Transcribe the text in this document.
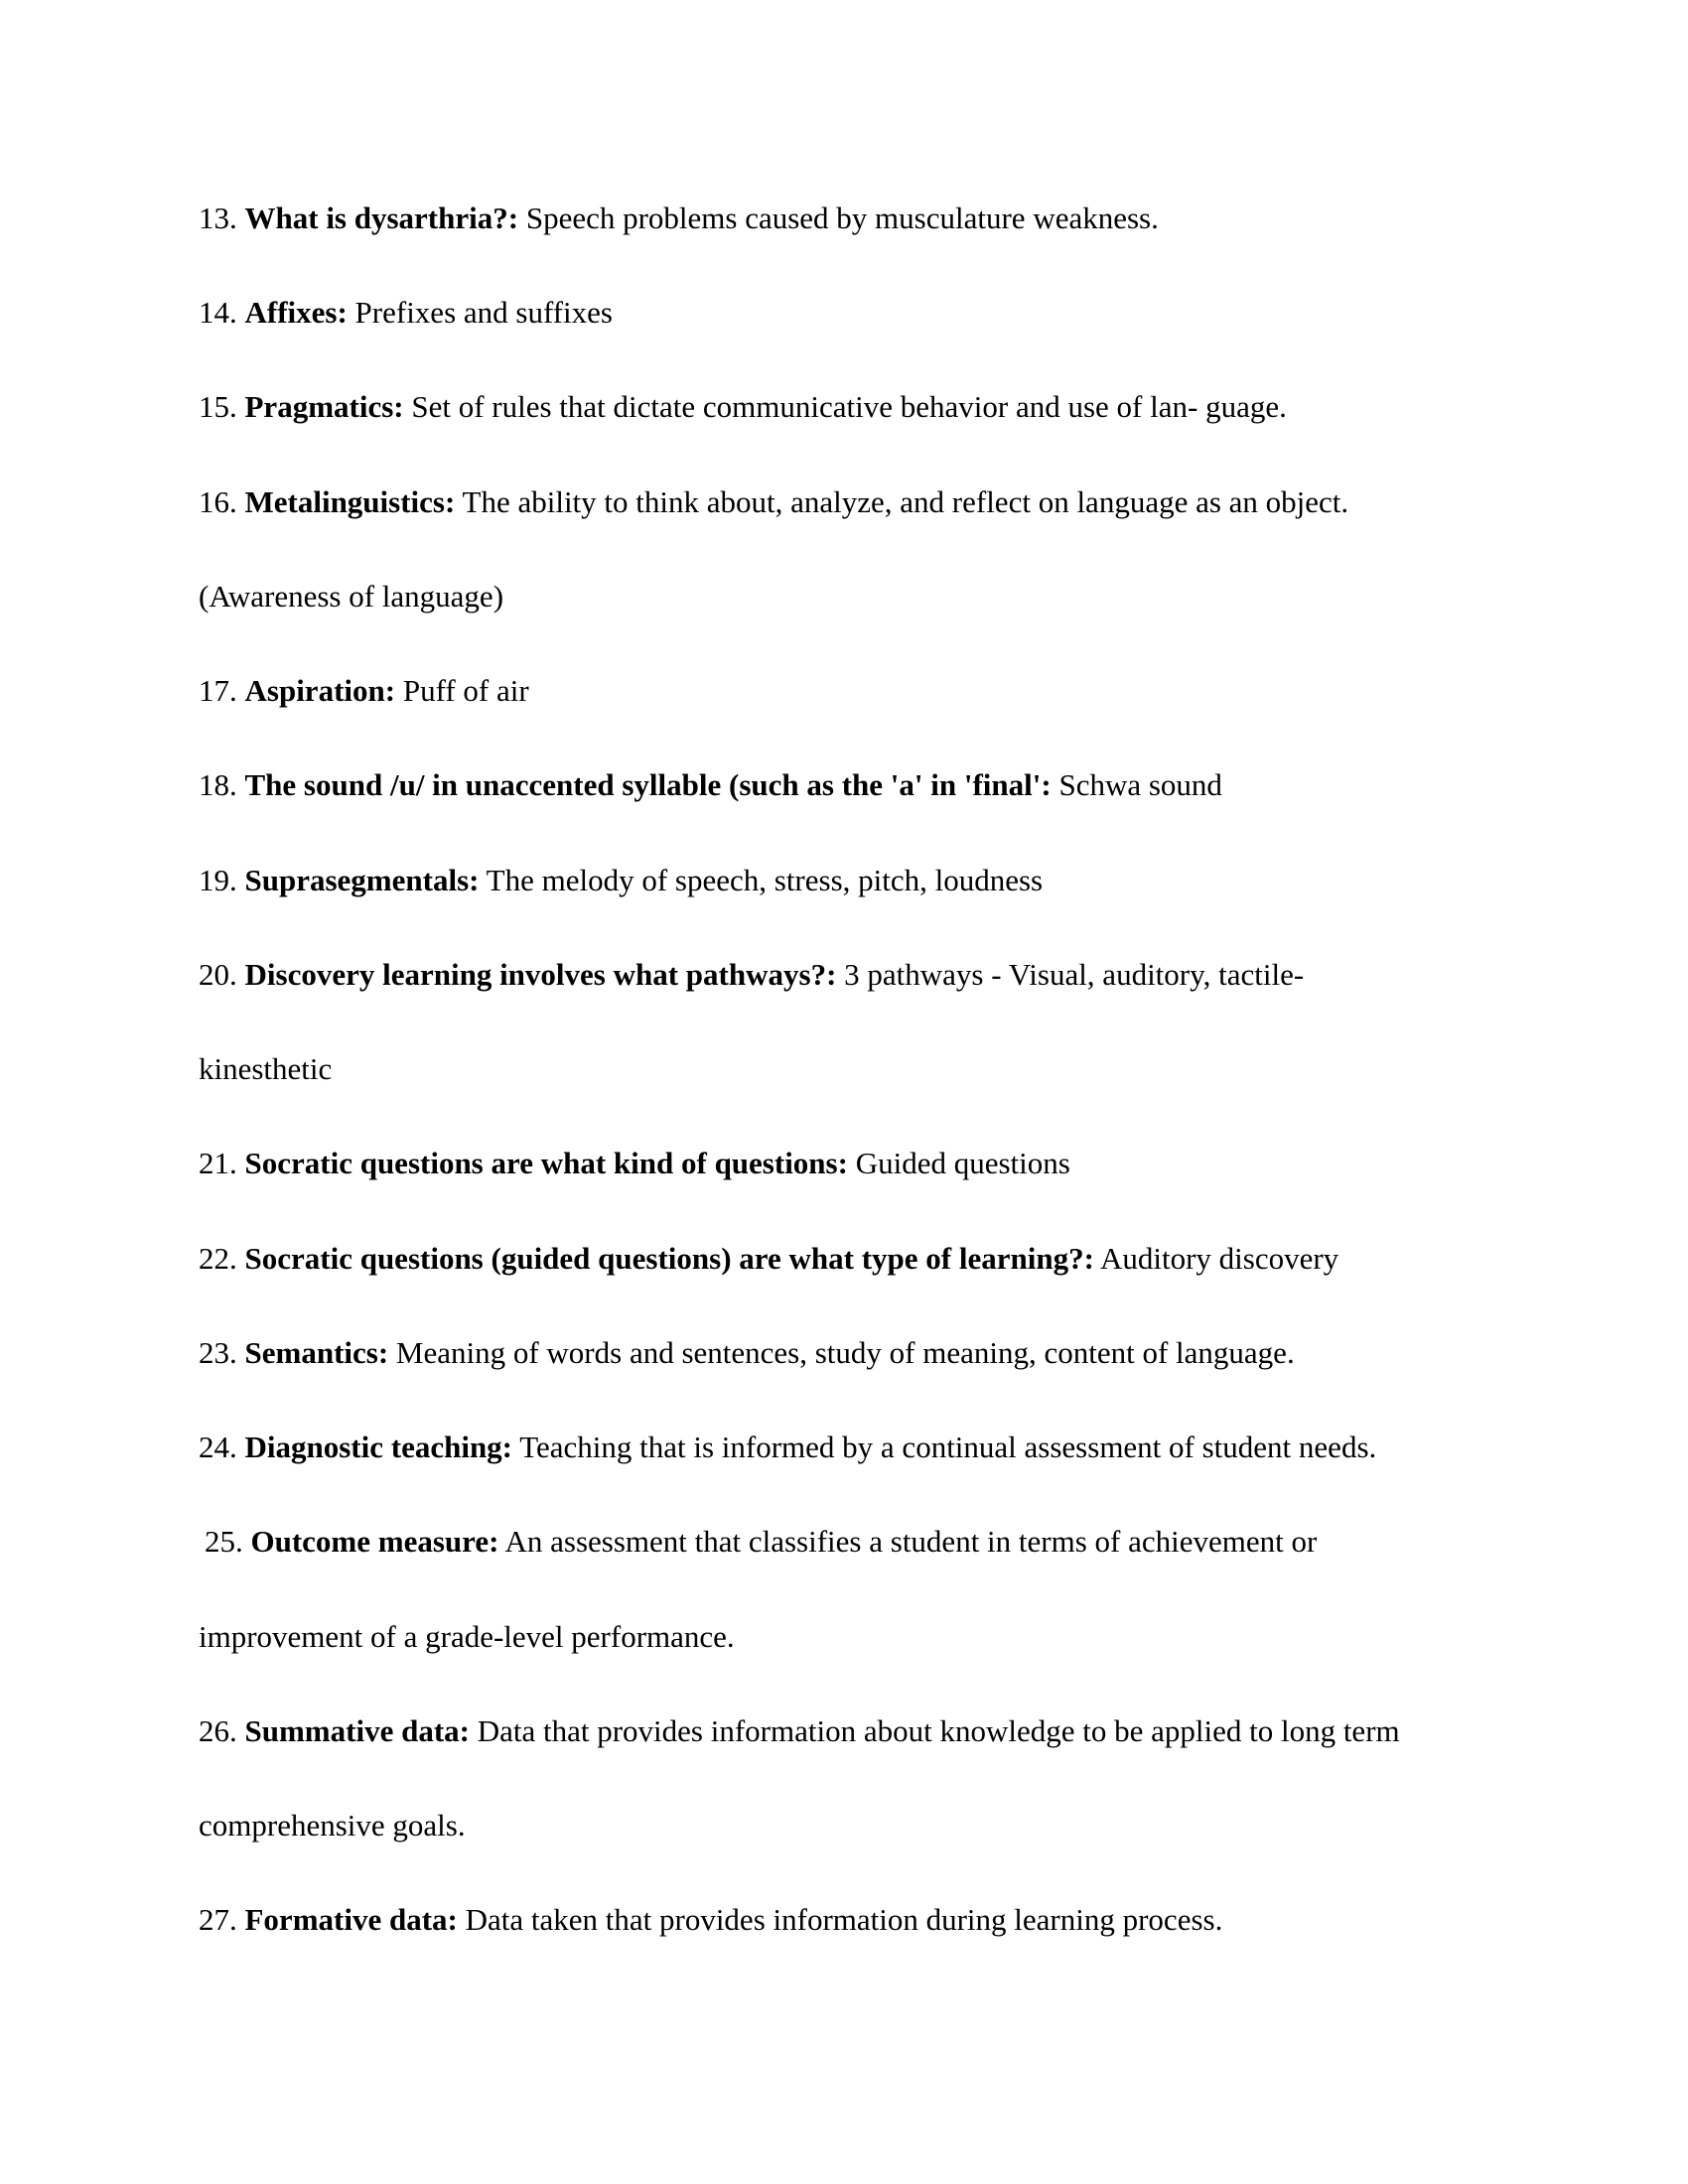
13. What is dysarthria?: Speech problems caused by musculature weakness.
14. Affixes: Prefixes and suffixes
15. Pragmatics: Set of rules that dictate communicative behavior and use of lan- guage.
16. Metalinguistics: The ability to think about, analyze, and reflect on language as an object.
(Awareness of language)
17. Aspiration: Puff of air
18. The sound /u/ in unaccented syllable (such as the 'a' in 'final': Schwa sound
19. Suprasegmentals: The melody of speech, stress, pitch, loudness
20. Discovery learning involves what pathways?: 3 pathways - Visual, auditory, tactile-
kinesthetic
21. Socratic questions are what kind of questions: Guided questions
22. Socratic questions (guided questions) are what type of learning?: Auditory discovery
23. Semantics: Meaning of words and sentences, study of meaning, content of language.
24. Diagnostic teaching: Teaching that is informed by a continual assessment of student needs.
25. Outcome measure: An assessment that classifies a student in terms of achievement or
improvement of a grade-level performance.
26. Summative data: Data that provides information about knowledge to be applied to long term
comprehensive goals.
27. Formative data: Data taken that provides information during learning process.
